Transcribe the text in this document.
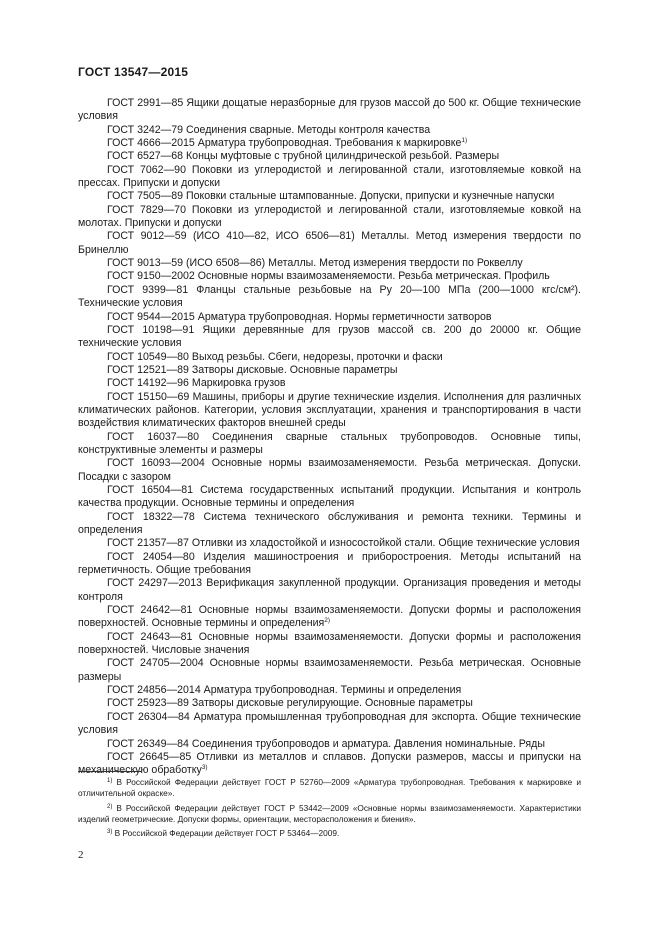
ГОСТ 13547—2015

ГОСТ 2991—85 Ящики дощатые неразборные для грузов массой до 500 кг. Общие технические условия

ГОСТ 3242—79 Соединения сварные. Методы контроля качества

ГОСТ 4666—2015 Арматура трубопроводная. Требования к маркировке$^{1)}$

ГОСТ 6527—68 Концы муфтовые с трубной цилиндрической резьбой. Размеры

ГОСТ 7062—90 Поковки из углеродистой и легированной стали, изготовляемые ковкой на прессах. Припуски и допуски

ГОСТ 7505—89 Поковки стальные штампованные. Допуски, припуски и кузнечные напуски

ГОСТ 7829—70 Поковки из углеродистой и легированной стали, изготовляемые ковкой на молотах. Припуски и допуски

ГОСТ 9012—59 (ИСО 410—82, ИСО 6506—81) Металлы. Метод измерения твердости по Бринеллю

ГОСТ 9013—59 (ИСО 6508—86) Металлы. Метод измерения твердости по Роквеллу

ГОСТ 9150—2002 Основные нормы взаимозаменяемости. Резьба метрическая. Профиль

ГОСТ 9399—81 Фланцы стальные резьбовые на Ру 20—100 МПа (200—1000 кгс/см²). Технические условия

ГОСТ 9544—2015 Арматура трубопроводная. Нормы герметичности затворов

ГОСТ 10198—91 Ящики деревянные для грузов массой св. 200 до 20000 кг. Общие технические условия

ГОСТ 10549—80 Выход резьбы. Сбеги, недорезы, проточки и фаски

ГОСТ 12521—89 Затворы дисковые. Основные параметры

ГОСТ 14192—96 Маркировка грузов

ГОСТ 15150—69 Машины, приборы и другие технические изделия. Исполнения для различных климатических районов. Категории, условия эксплуатации, хранения и транспортирования в части воздействия климатических факторов внешней среды

ГОСТ 16037—80 Соединения сварные стальных трубопроводов. Основные типы, конструктивные элементы и размеры

ГОСТ 16093—2004 Основные нормы взаимозаменяемости. Резьба метрическая. Допуски. Посадки с зазором

ГОСТ 16504—81 Система государственных испытаний продукции. Испытания и контроль качества продукции. Основные термины и определения

ГОСТ 18322—78 Система технического обслуживания и ремонта техники. Термины и определения

ГОСТ 21357—87 Отливки из хладостойкой и износостойкой стали. Общие технические условия

ГОСТ 24054—80 Изделия машиностроения и приборостроения. Методы испытаний на герметичность. Общие требования

ГОСТ 24297—2013 Верификация закупленной продукции. Организация проведения и методы контроля

ГОСТ 24642—81 Основные нормы взаимозаменяемости. Допуски формы и расположения поверхностей. Основные термины и определения$^{2)}$

ГОСТ 24643—81 Основные нормы взаимозаменяемости. Допуски формы и расположения поверхностей. Числовые значения

ГОСТ 24705—2004 Основные нормы взаимозаменяемости. Резьба метрическая. Основные размеры

ГОСТ 24856—2014 Арматура трубопроводная. Термины и определения

ГОСТ 25923—89 Затворы дисковые регулирующие. Основные параметры

ГОСТ 26304—84 Арматура промышленная трубопроводная для экспорта. Общие технические условия

ГОСТ 26349—84 Соединения трубопроводов и арматура. Давления номинальные. Ряды

ГОСТ 26645—85 Отливки из металлов и сплавов. Допуски размеров, массы и припуски на механическую обработку$^{3)}$

$^{1)}$ В Российской Федерации действует ГОСТ Р 52760—2009 «Арматура трубопроводная. Требования к маркировке и отличительной окраске».

$^{2)}$ В Российской Федерации действует ГОСТ Р 53442—2009 «Основные нормы взаимозаменяемости. Характеристики изделий геометрические. Допуски формы, ориентации, месторасположения и биения».

$^{3)}$ В Российской Федерации действует ГОСТ Р 53464—2009.

2
